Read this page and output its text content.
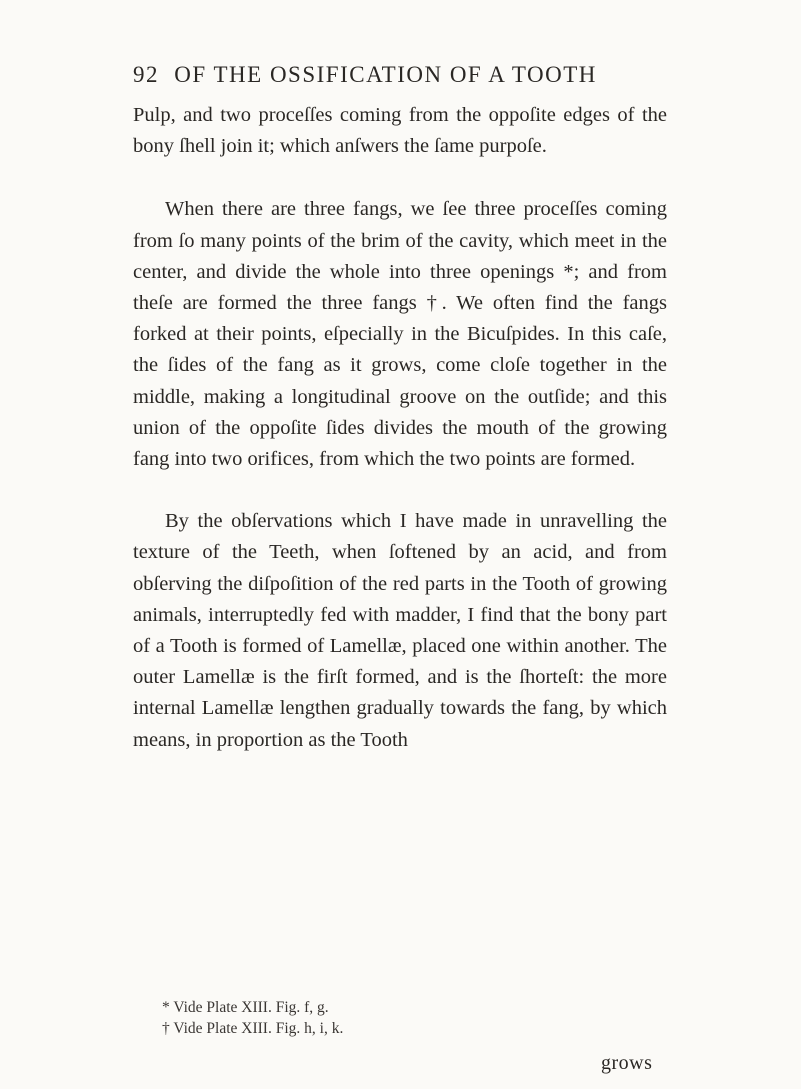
92 OF THE OSSIFICATION OF A TOOTH

Pulp, and two proceſſes coming from the oppoſite edges of the bony ſhell join it; which anſwers the ſame purpoſe.

When there are three fangs, we ſee three proceſſes coming from ſo many points of the brim of the cavity, which meet in the center, and divide the whole into three openings *; and from theſe are formed the three fangs †. We often find the fangs forked at their points, eſpecially in the Bicuſpides. In this caſe, the ſides of the fang as it grows, come cloſe together in the middle, making a longitudinal groove on the outſide; and this union of the oppoſite ſides divides the mouth of the growing fang into two orifices, from which the two points are formed.

By the obſervations which I have made in unravelling the texture of the Teeth, when ſoftened by an acid, and from obſerving the diſpoſition of the red parts in the Tooth of growing animals, interruptedly fed with madder, I find that the bony part of a Tooth is formed of Lamellæ, placed one within another. The outer Lamellæ is the firſt formed, and is the ſhorteſt: the more internal Lamellæ lengthen gradually towards the fang, by which means, in proportion as the Tooth

* Vide Plate XIII. Fig. f, g.
† Vide Plate XIII. Fig. h, i, k.
grows
